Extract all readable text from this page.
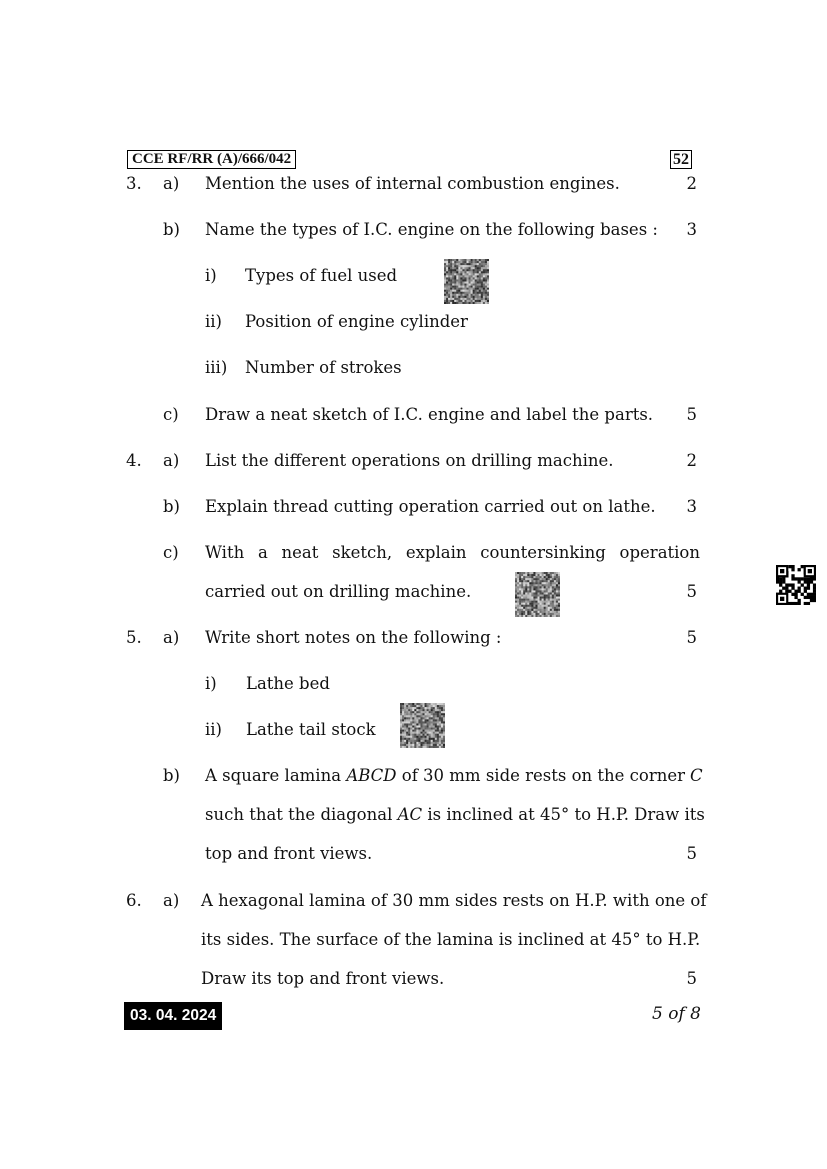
CCE RF/RR (A)/666/042	52
3. a) Mention the uses of internal combustion engines.	2
b) Name the types of I.C. engine on the following bases :	3
i) Types of fuel used
ii) Position of engine cylinder
iii) Number of strokes
c) Draw a neat sketch of I.C. engine and label the parts.	5
4. a) List the different operations on drilling machine.	2
b) Explain thread cutting operation carried out on lathe.	3
c) With a neat sketch, explain countersinking operation
carried out on drilling machine.	5
5. a) Write short notes on the following :	5
i) Lathe bed
ii) Lathe tail stock
b) A square lamina ABCD of 30 mm side rests on the corner C
such that the diagonal AC is inclined at 45° to H.P. Draw its
top and front views.	5
6. a) A hexagonal lamina of 30 mm sides rests on H.P. with one of
its sides. The surface of the lamina is inclined at 45° to H.P.
Draw its top and front views.	5
03. 04. 2024	5 of 8
